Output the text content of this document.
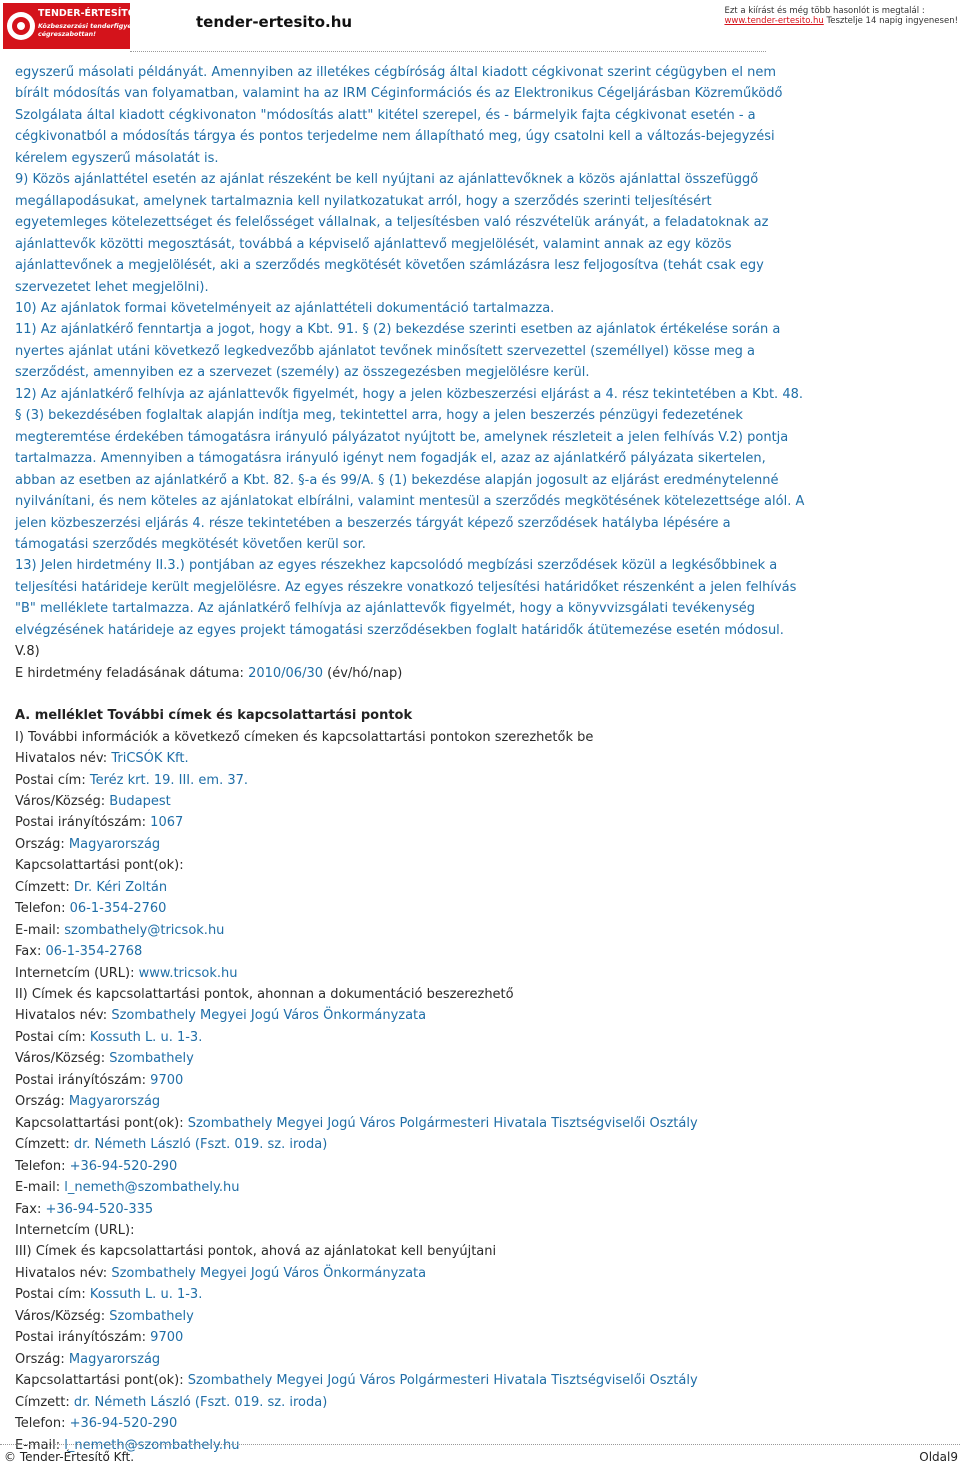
TENDER-ÉRTESÍTŐ.hu
Közbeszerzési tenderfigyelés
cégreszabottan!
tender-ertesito.hu
Ezt a kiírást és még több hasonlót is megtalál :
www.tender-ertesito.hu Tesztelje 14 napig ingyenesen!

egyszerű másolati példányát. Amennyiben az illetékes cégbíróság által kiadott cégkivonat szerint cégügyben el nem bírált módosítás van folyamatban, valamint ha az IRM Céginformációs és az Elektronikus Cégeljárásban Közreműködő Szolgálata által kiadott cégkivonaton "módosítás alatt" kitétel szerepel, és - bármelyik fajta cégkivonat esetén - a cégkivonatból a módosítás tárgya és pontos terjedelme nem állapítható meg, úgy csatolni kell a változás-bejegyzési kérelem egyszerű másolatát is.

9) Közös ajánlattétel esetén az ajánlat részeként be kell nyújtani az ajánlattevőknek a közös ajánlattal összefüggő megállapodásukat, amelynek tartalmaznia kell nyilatkozatukat arról, hogy a szerződés szerinti teljesítésért egyetemleges kötelezettséget és felelősséget vállalnak, a teljesítésben való részvételük arányát, a feladatoknak az ajánlattevők közötti megosztását, továbbá a képviselő ajánlattevő megjelölését, valamint annak az egy közös ajánlattevőnek a megjelölését, aki a szerződés megkötését követően számlázásra lesz feljogosítva (tehát csak egy szervezetet lehet megjelölni).

10) Az ajánlatok formai követelményeit az ajánlattételi dokumentáció tartalmazza.

11) Az ajánlatkérő fenntartja a jogot, hogy a Kbt. 91. § (2) bekezdése szerinti esetben az ajánlatok értékelése során a nyertes ajánlat utáni következő legkedvezőbb ajánlatot tevőnek minősített szervezettel (személlyel) kösse meg a szerződést, amennyiben ez a szervezet (személy) az összegezésben megjelölésre kerül.

12) Az ajánlatkérő felhívja az ajánlattevők figyelmét, hogy a jelen közbeszerzési eljárást a 4. rész tekintetében a Kbt. 48. § (3) bekezdésében foglaltak alapján indítja meg, tekintettel arra, hogy a jelen beszerzés pénzügyi fedezetének megteremtése érdekében támogatásra irányuló pályázatot nyújtott be, amelynek részleteit a jelen felhívás V.2) pontja tartalmazza. Amennyiben a támogatásra irányuló igényt nem fogadják el, azaz az ajánlatkérő pályázata sikertelen, abban az esetben az ajánlatkérő a Kbt. 82. §-a és 99/A. § (1) bekezdése alapján jogosult az eljárást eredménytelenné nyilvánítani, és nem köteles az ajánlatokat elbírálni, valamint mentesül a szerződés megkötésének kötelezettsége alól. A jelen közbeszerzési eljárás 4. része tekintetében a beszerzés tárgyát képező szerződések hatályba lépésére a támogatási szerződés megkötését követően kerül sor.

13) Jelen hirdetmény II.3.) pontjában az egyes részekhez kapcsolódó megbízási szerződések közül a legkésőbbinek a teljesítési határideje került megjelölésre. Az egyes részekre vonatkozó teljesítési határidőket részenként a jelen felhívás "B" melléklete tartalmazza. Az ajánlatkérő felhívja az ajánlattevők figyelmét, hogy a könyvvizsgálati tevékenység elvégzésének határideje az egyes projekt támogatási szerződésekben foglalt határidők átütemezése esetén módosul.

V.8)

E hirdetmény feladásának dátuma: 2010/06/30 (év/hó/nap)

A. melléklet További címek és kapcsolattartási pontok

I) További információk a következő címeken és kapcsolattartási pontokon szerezhetők be

Hivatalos név: TriCSÓK Kft.

Postai cím: Teréz krt. 19. III. em. 37.

Város/Község: Budapest

Postai irányítószám: 1067

Ország: Magyarország

Kapcsolattartási pont(ok):

Címzett: Dr. Kéri Zoltán

Telefon: 06-1-354-2760

E-mail: szombathely@tricsok.hu

Fax: 06-1-354-2768

Internetcím (URL): www.tricsok.hu

II) Címek és kapcsolattartási pontok, ahonnan a dokumentáció beszerezhető

Hivatalos név: Szombathely Megyei Jogú Város Önkormányzata

Postai cím: Kossuth L. u. 1-3.

Város/Község: Szombathely

Postai irányítószám: 9700

Ország: Magyarország

Kapcsolattartási pont(ok): Szombathely Megyei Jogú Város Polgármesteri Hivatala Tisztségviselői Osztály

Címzett: dr. Németh László (Fszt. 019. sz. iroda)

Telefon: +36-94-520-290

E-mail: l_nemeth@szombathely.hu

Fax: +36-94-520-335

Internetcím (URL):

III) Címek és kapcsolattartási pontok, ahová az ajánlatokat kell benyújtani

Hivatalos név: Szombathely Megyei Jogú Város Önkormányzata

Postai cím: Kossuth L. u. 1-3.

Város/Község: Szombathely

Postai irányítószám: 9700

Ország: Magyarország

Kapcsolattartási pont(ok): Szombathely Megyei Jogú Város Polgármesteri Hivatala Tisztségviselői Osztály

Címzett: dr. Németh László (Fszt. 019. sz. iroda)

Telefon: +36-94-520-290

E-mail: l_nemeth@szombathely.hu

© Tender-Értesítő Kft.	Oldal9
